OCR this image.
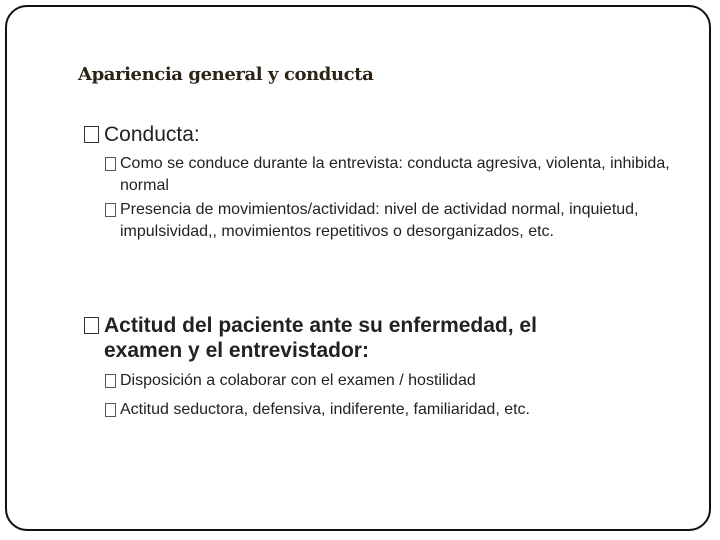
Apariencia general y conducta
Conducta:
Como se conduce durante la entrevista: conducta agresiva, violenta, inhibida, normal
Presencia de movimientos/actividad: nivel de actividad normal, inquietud, impulsividad,, movimientos repetitivos o desorganizados, etc.
Actitud del paciente ante su enfermedad, el
examen y el entrevistador:
Disposición a colaborar con el examen / hostilidad
Actitud seductora, defensiva, indiferente, familiaridad, etc.
